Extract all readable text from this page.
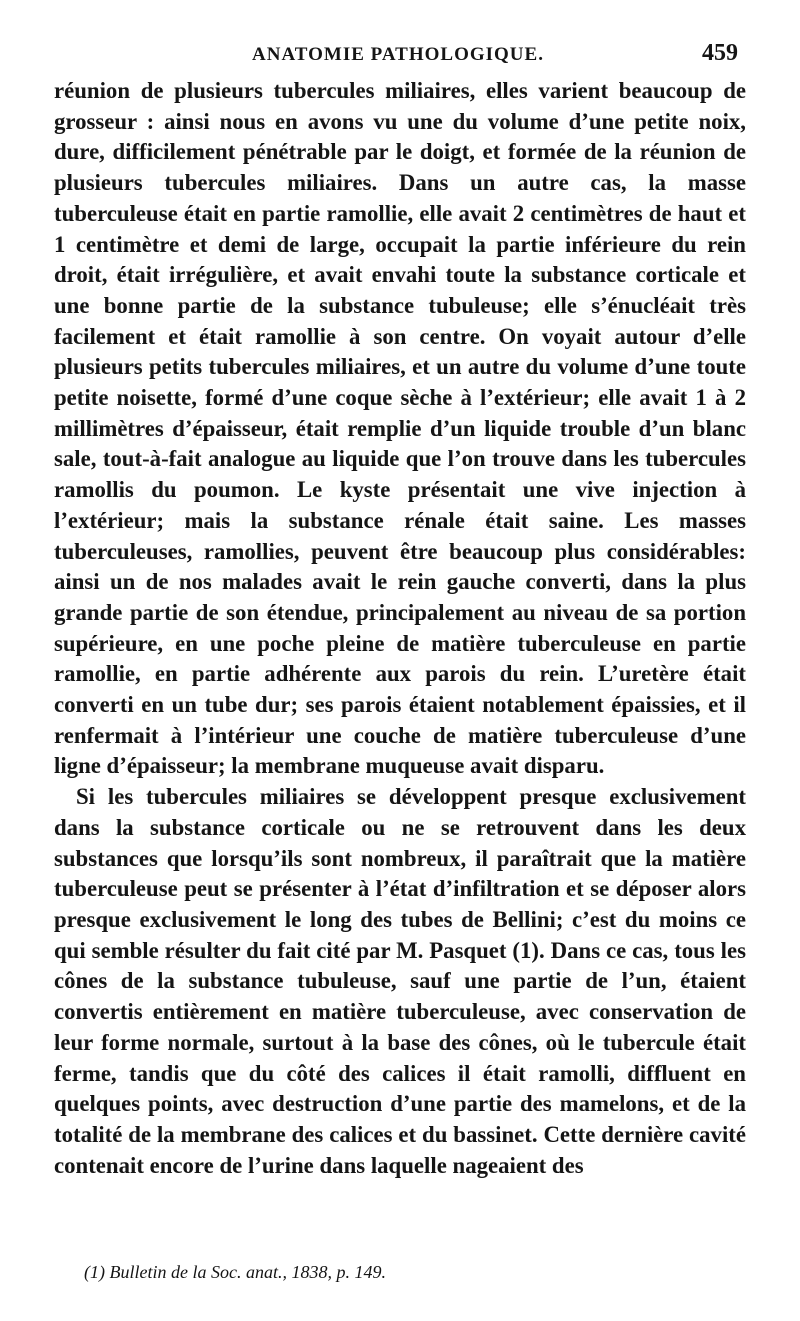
ANATOMIE PATHOLOGIQUE.	459

réunion de plusieurs tubercules miliaires, elles varient beaucoup de grosseur : ainsi nous en avons vu une du volume d’une petite noix, dure, difficilement pénétrable par le doigt, et formée de la réunion de plusieurs tubercules miliaires. Dans un autre cas, la masse tuberculeuse était en partie ramollie, elle avait 2 centimètres de haut et 1 centimètre et demi de large, occupait la partie inférieure du rein droit, était irrégulière, et avait envahi toute la substance corticale et une bonne partie de la substance tubuleuse; elle s’énucléait très facilement et était ramollie à son centre. On voyait autour d’elle plusieurs petits tubercules miliaires, et un autre du volume d’une toute petite noisette, formé d’une coque sèche à l’extérieur; elle avait 1 à 2 millimètres d’épaisseur, était remplie d’un liquide trouble d’un blanc sale, tout-à-fait analogue au liquide que l’on trouve dans les tubercules ramollis du poumon. Le kyste présentait une vive injection à l’extérieur; mais la substance rénale était saine. Les masses tuberculeuses, ramollies, peuvent être beaucoup plus considérables: ainsi un de nos malades avait le rein gauche converti, dans la plus grande partie de son étendue, principalement au niveau de sa portion supérieure, en une poche pleine de matière tuberculeuse en partie ramollie, en partie adhérente aux parois du rein. L’uretère était converti en un tube dur; ses parois étaient notablement épaissies, et il renfermait à l’intérieur une couche de matière tuberculeuse d’une ligne d’épaisseur; la membrane muqueuse avait disparu.

Si les tubercules miliaires se développent presque exclusivement dans la substance corticale ou ne se retrouvent dans les deux substances que lorsqu’ils sont nombreux, il paraîtrait que la matière tuberculeuse peut se présenter à l’état d’infiltration et se déposer alors presque exclusivement le long des tubes de Bellini; c’est du moins ce qui semble résulter du fait cité par M. Pasquet (1). Dans ce cas, tous les cônes de la substance tubuleuse, sauf une partie de l’un, étaient convertis entièrement en matière tuberculeuse, avec conservation de leur forme normale, surtout à la base des cônes, où le tubercule était ferme, tandis que du côté des calices il était ramolli, diffluent en quelques points, avec destruction d’une partie des mamelons, et de la totalité de la membrane des calices et du bassinet. Cette dernière cavité contenait encore de l’urine dans laquelle nageaient des

(1) Bulletin de la Soc. anat., 1838, p. 149.
